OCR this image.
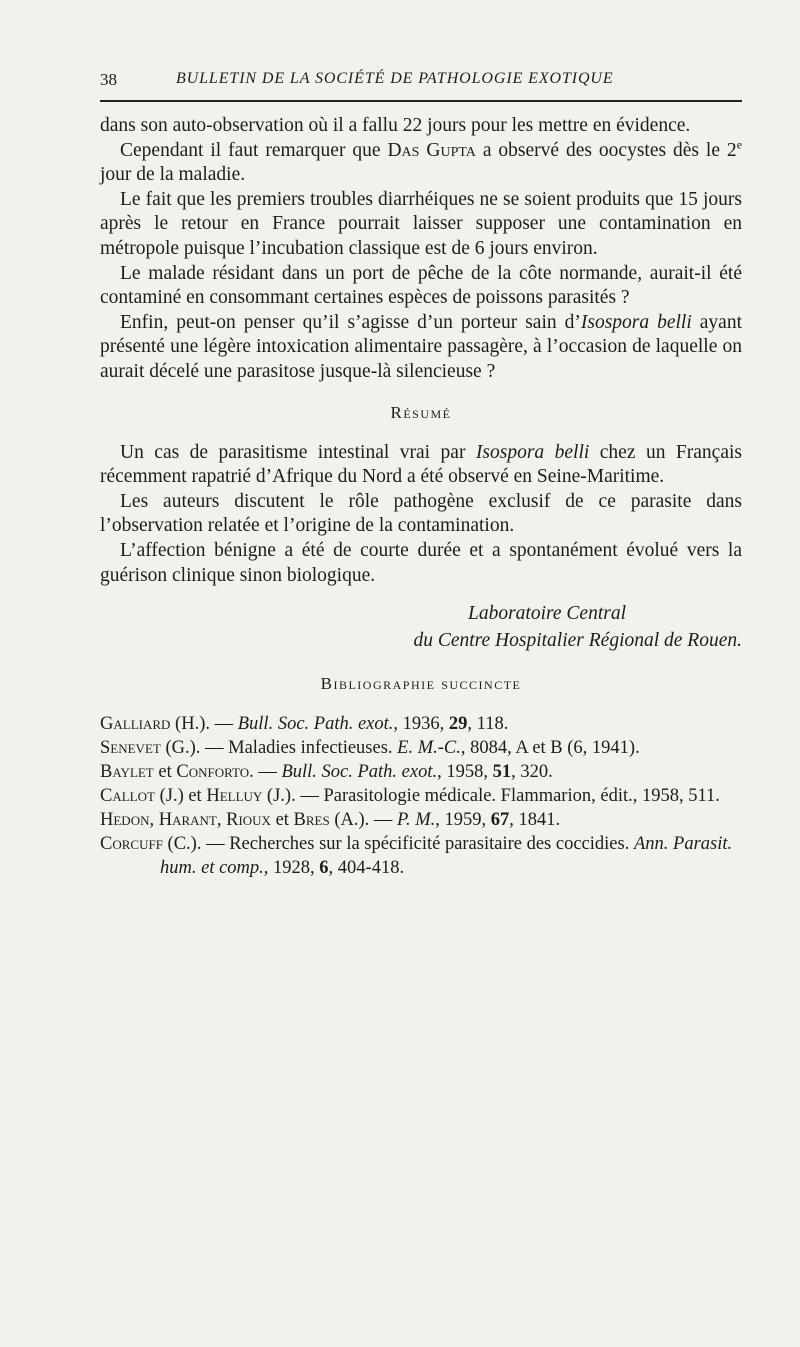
38	BULLETIN DE LA SOCIÉTÉ DE PATHOLOGIE EXOTIQUE

dans son auto-observation où il a fallu 22 jours pour les mettre en évidence.

Cependant il faut remarquer que Das Gupta a observé des oocystes dès le 2e jour de la maladie.

Le fait que les premiers troubles diarrhéiques ne se soient produits que 15 jours après le retour en France pourrait laisser supposer une contamination en métropole puisque l’incubation classique est de 6 jours environ.

Le malade résidant dans un port de pêche de la côte normande, aurait-il été contaminé en consommant certaines espèces de poissons parasités ?

Enfin, peut-on penser qu’il s’agisse d’un porteur sain d’Isospora belli ayant présenté une légère intoxication alimentaire passagère, à l’occasion de laquelle on aurait décelé une parasitose jusque-là silencieuse ?

Résumé

Un cas de parasitisme intestinal vrai par Isospora belli chez un Français récemment rapatrié d’Afrique du Nord a été observé en Seine-Maritime.

Les auteurs discutent le rôle pathogène exclusif de ce parasite dans l’observation relatée et l’origine de la contamination.

L’affection bénigne a été de courte durée et a spontanément évolué vers la guérison clinique sinon biologique.

Laboratoire Central
du Centre Hospitalier Régional de Rouen.
Bibliographie succincte
Galliard (H.). — Bull. Soc. Path. exot., 1936, 29, 118.
Senevet (G.). — Maladies infectieuses. E. M.-C., 8084, A et B (6, 1941).
Baylet et Conforto. — Bull. Soc. Path. exot., 1958, 51, 320.
Callot (J.) et Helluy (J.). — Parasitologie médicale. Flammarion, édit., 1958, 511.
Hedon, Harant, Rioux et Bres (A.). — P. M., 1959, 67, 1841.
Corcuff (C.). — Recherches sur la spécificité parasitaire des coccidies. Ann. Parasit. hum. et comp., 1928, 6, 404-418.
